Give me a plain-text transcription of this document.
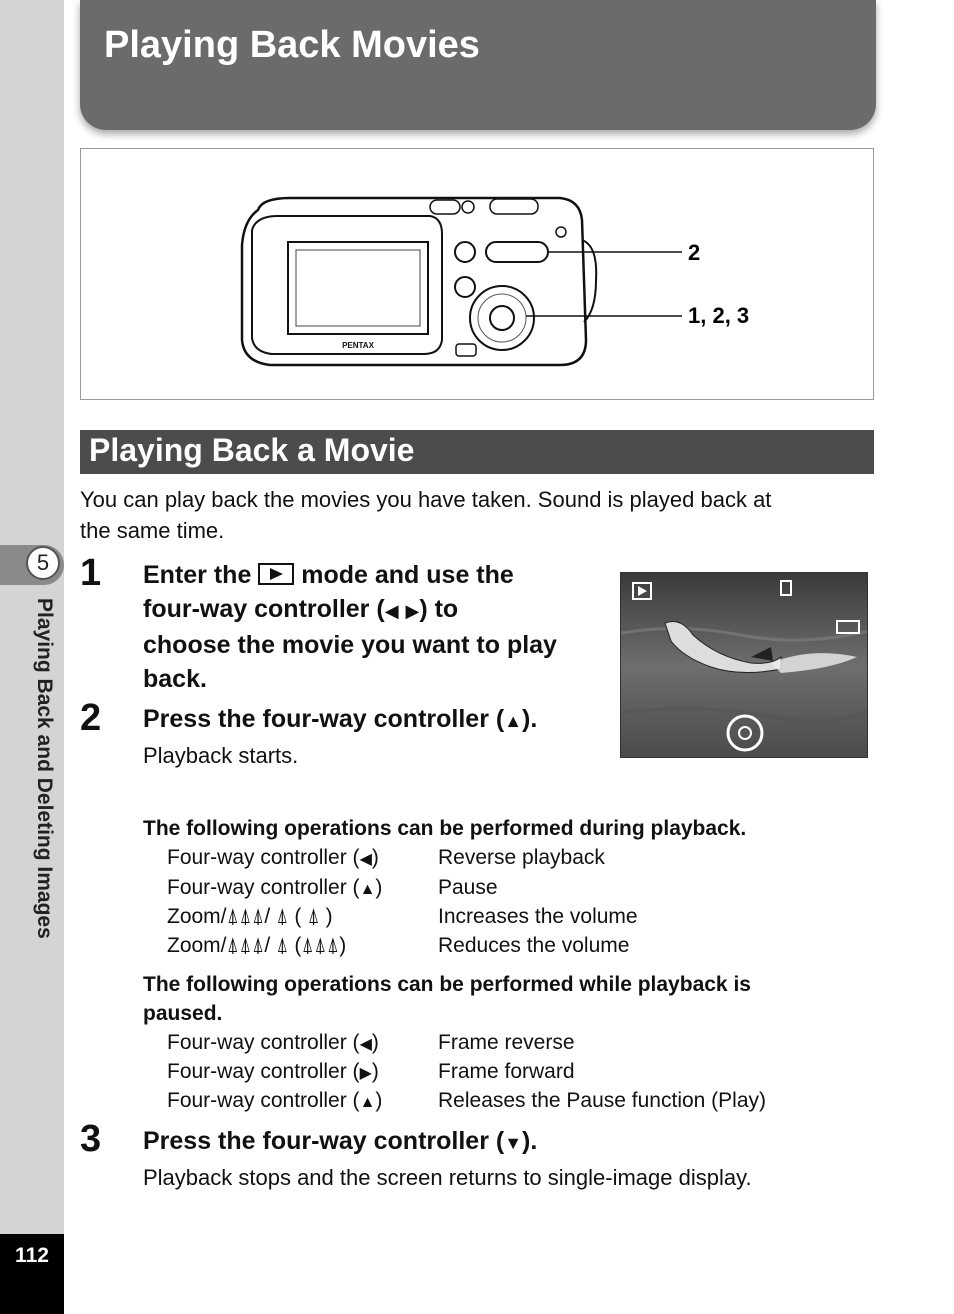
5
Playing Back and Deleting Images
112
Playing Back Movies
PENTAX
2
1, 2, 3
Playing Back a Movie
You can play back the movies you have taken. Sound is played back at
the same time.
1 Enter the mode and use the
four-way controller (◀ ▶) to
choose the movie you want to play
back.
2 Press the four-way controller (▲).
Playback starts.
The following operations can be performed during playback.
Four-way controller (◀)	Reverse playback
Four-way controller (▲)	Pause
Zoom/⍋⍋⍋/ ⍋ ( ⍋ )	Increases the volume
Zoom/⍋⍋⍋/ ⍋ (⍋⍋⍋)	Reduces the volume
The following operations can be performed while playback is
paused.
Four-way controller (◀)	Frame reverse
Four-way controller (▶)	Frame forward
Four-way controller (▲)	Releases the Pause function (Play)
3 Press the four-way controller (▼).
Playback stops and the screen returns to single-image display.
